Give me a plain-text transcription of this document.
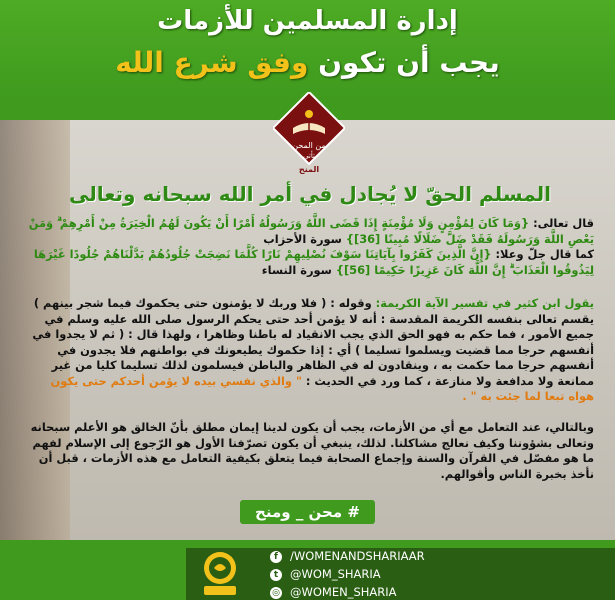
إدارة المسلمين للأزمات
يجب أن تكون وفق شرع الله
من المحن
تأتي
المنح
المسلم الحقّ لا يُجادل في أمر الله سبحانه وتعالى
قال تعالى: {وَمَا كَانَ لِمُؤْمِنٍ وَلَا مُؤْمِنَةٍ إِذَا قَضَى اللَّهُ وَرَسُولُهُ أَمْرًا أَنْ يَكُونَ لَهُمُ الْخِيَرَةُ مِنْ أَمْرِهِمْ ۗ وَمَنْ يَعْصِ اللَّهَ وَرَسُولَهُ فَقَدْ ضَلَّ ضَلَالًا مُبِينًا [36]} سورة الأحزاب
كما قال جلّ وعلا: {إِنَّ الَّذِينَ كَفَرُوا بِآيَاتِنَا سَوْفَ نُصْلِيهِمْ نَارًا كُلَّمَا نَضِجَتْ جُلُودُهُمْ بَدَّلْنَاهُمْ جُلُودًا غَيْرَهَا لِيَذُوقُوا الْعَذَابَ ۗ إِنَّ اللَّهَ كَانَ عَزِيزًا حَكِيمًا [56]} سورة النساء
يقول ابن كثير في تفسير الآية الكريمة: وقوله : ( فلا وربك لا يؤمنون حتى يحكموك فيما شجر بينهم ) يقسم تعالى بنفسه الكريمة المقدسة : أنه لا يؤمن أحد حتى يحكم الرسول صلى الله عليه وسلم في جميع الأمور ، فما حكم به فهو الحق الذي يجب الانقياد له باطنا وظاهرا ، ولهذا قال : ( ثم لا يجدوا في أنفسهم حرجا مما قضيت ويسلموا تسليما ) أي : إذا حكموك يطيعونك في بواطنهم فلا يجدون في أنفسهم حرجا مما حكمت به ، وينقادون له في الظاهر والباطن فيسلمون لذلك تسليما كليا من غير ممانعة ولا مدافعة ولا منازعة ، كما ورد في الحديث : " والذي نفسي بيده لا يؤمن أحدكم حتى يكون هواه تبعا لما جئت به " .
وبالتالي، عند التعامل مع أي من الأزمات، يجب أن يكون لدينا إيمان مطلق بأنّ الخالق هو الأعلم سبحانه وتعالى بشؤوننا وكيف نعالج مشاكلنا. لذلك، ينبغي أن يكون تصرّفنا الأول هو الرّجوع إلى الإسلام لفهم ما هو مفصّل في القرآن والسنة وإجماع الصحابة فيما يتعلق بكيفية التعامل مع هذه الأزمات ، قبل أن نأخذ بخبرة الناس وأقوالهم.
# محن _ ومنح
f /WOMENANDSHARIAAR
t @WOM_SHARIA
◎ @WOMEN_SHARIA
